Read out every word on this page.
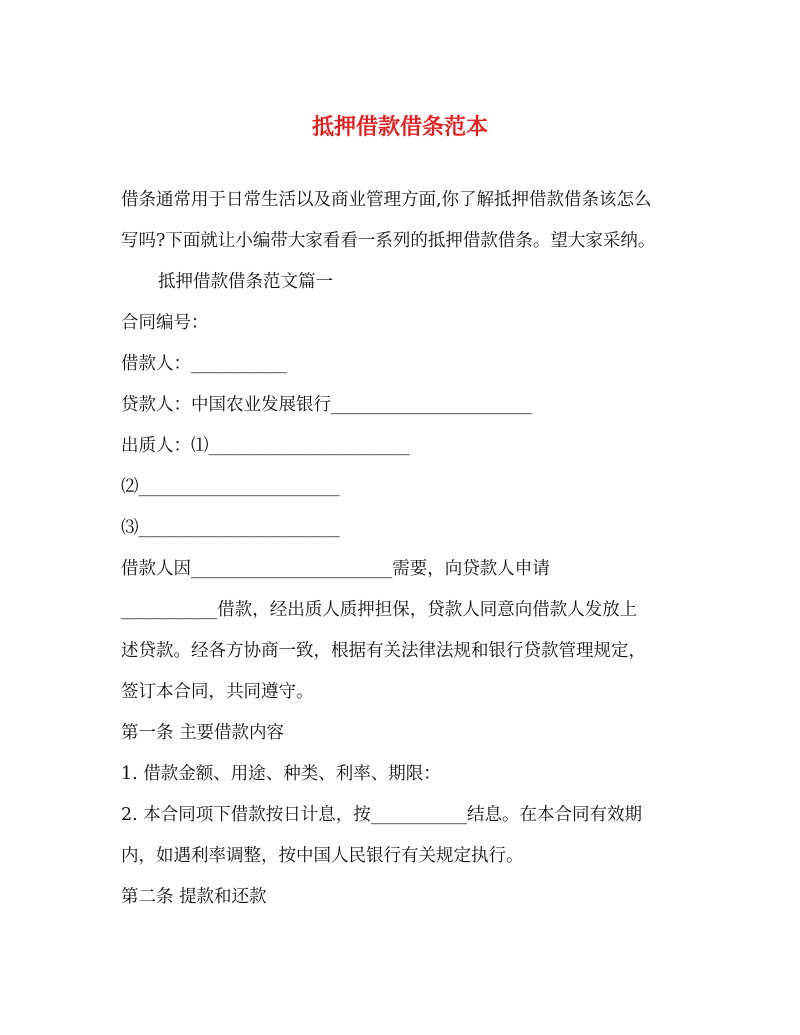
抵押借款借条范本

借条通常用于日常生活以及商业管理方面,你了解抵押借款借条该怎么

写吗?下面就让小编带大家看看一系列的抵押借款借条。望大家采纳。

抵押借款借条范文篇一

合同编号：

借款人：___________

贷款人：中国农业发展银行_______________________

出质人：⑴_______________________

⑵_______________________

⑶_______________________

借款人因_______________________需要，向贷款人申请

___________借款，经出质人质押担保，贷款人同意向借款人发放上

述贷款。经各方协商一致，根据有关法律法规和银行贷款管理规定，

签订本合同，共同遵守。

第一条 主要借款内容

1. 借款金额、用途、种类、利率、期限：

2. 本合同项下借款按日计息，按___________结息。在本合同有效期

内，如遇利率调整，按中国人民银行有关规定执行。

第二条 提款和还款
